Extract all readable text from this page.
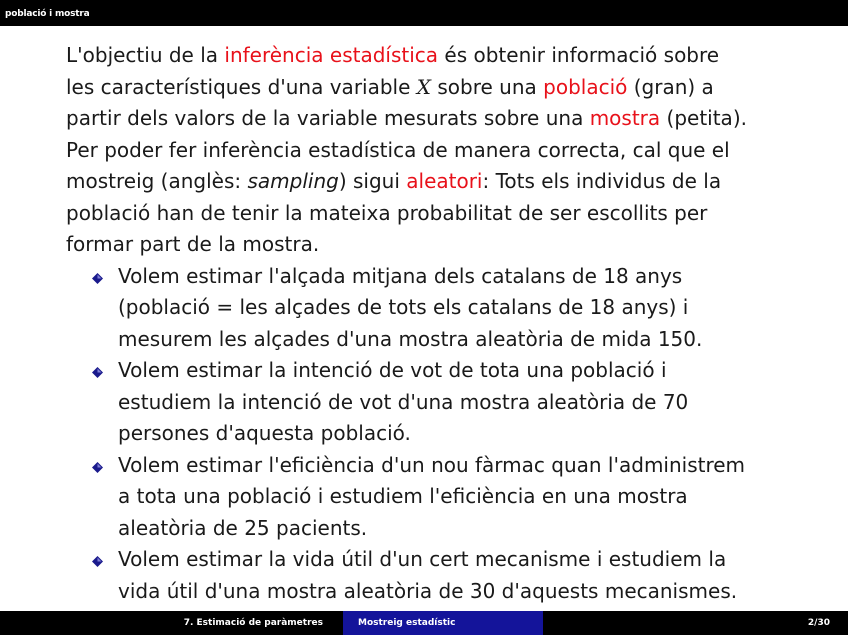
població i mostra

L'objectiu de la inferència estadística és obtenir informació sobre

les característiques d'una variable X sobre una població (gran) a

partir dels valors de la variable mesurats sobre una mostra (petita).

Per poder fer inferència estadística de manera correcta, cal que el

mostreig (anglès: sampling) sigui aleatori: Tots els individus de la

població han de tenir la mateixa probabilitat de ser escollits per

formar part de la mostra.

Volem estimar l'alçada mitjana dels catalans de 18 anys
(població = les alçades de tots els catalans de 18 anys) i
mesurem les alçades d'una mostra aleatòria de mida 150.
Volem estimar la intenció de vot de tota una població i
estudiem la intenció de vot d'una mostra aleatòria de 70
persones d'aquesta població.
Volem estimar l'eficiència d'un nou fàrmac quan l'administrem
a tota una població i estudiem l'eficiència en una mostra
aleatòria de 25 pacients.
Volem estimar la vida útil d'un cert mecanisme i estudiem la
vida útil d'una mostra aleatòria de 30 d'aquests mecanismes.
7. Estimació de paràmetres	Mostreig estadístic	2/30
